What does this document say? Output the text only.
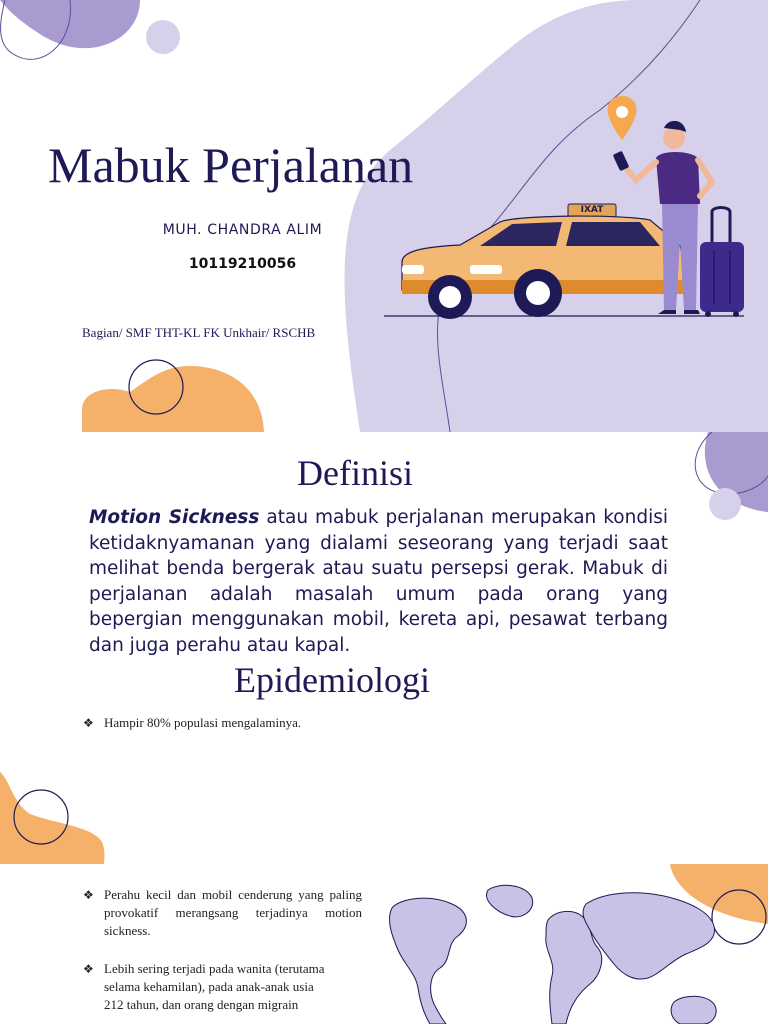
IXAT
Mabuk Perjalanan
MUH. CHANDRA ALIM
10119210056
Bagian/ SMF THT-KL FK Unkhair/ RSCHB
Definisi
Motion Sickness atau mabuk perjalanan merupakan kondisi ketidaknyamanan yang dialami seseorang yang terjadi saat melihat benda bergerak atau suatu persepsi gerak. Mabuk di perjalanan adalah masalah umum pada orang yang bepergian menggunakan mobil, kereta api, pesawat terbang dan juga perahu atau kapal.
Epidemiologi
❖ Hampir 80% populasi mengalaminya.
❖ Perahu kecil dan mobil cenderung yang paling provokatif merangsang terjadinya motion sickness.
❖ Lebih sering terjadi pada wanita (terutama selama kehamilan), pada anak-anak usia 212 tahun, dan orang dengan migrain
